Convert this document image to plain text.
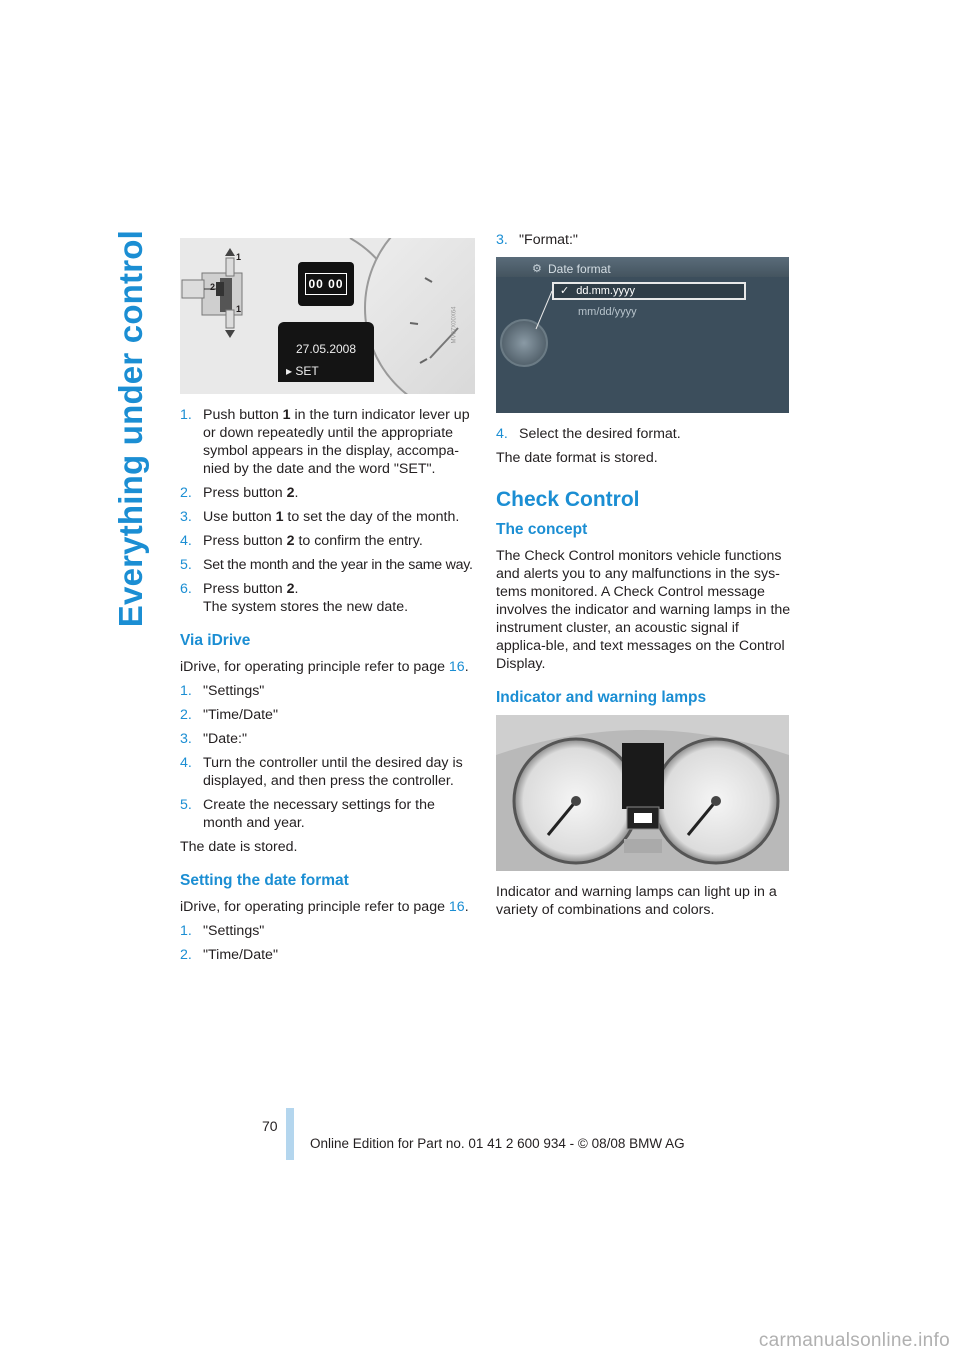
Everything under control	1
1
2	00 00
27.05.2008
▸ SET
MV07X00X64
1. Push button 1 in the turn indicator lever up or down repeatedly until the appropriate symbol appears in the display, accompa-nied by the date and the word "SET".
2. Press button 2.
3. Use button 1 to set the day of the month.
4. Press button 2 to confirm the entry.
5. Set the month and the year in the same way.
6. Press button 2.
The system stores the new date.
Via iDrive

iDrive, for operating principle refer to page 16.

1. "Settings"
2. "Time/Date"
3. "Date:"
4. Turn the controller until the desired day is displayed, and then press the controller.
5. Create the necessary settings for the month and year.

The date is stored.

Setting the date format

iDrive, for operating principle refer to page 16.

1. "Settings"
2. "Time/Date"
3. "Format:"
⚙ Date format
✓ dd.mm.yyyy
mm/dd/yyyy
4. Select the desired format.

The date format is stored.

Check Control
The concept

The Check Control monitors vehicle functions and alerts you to any malfunctions in the sys-tems monitored. A Check Control message involves the indicator and warning lamps in the instrument cluster, an acoustic signal if applica-ble, and text messages on the Control Display.

Indicator and warning lamps

Indicator and warning lamps can light up in a variety of combinations and colors.

70
Online Edition for Part no. 01 41 2 600 934 - © 08/08 BMW AG
carmanualsonline.info
